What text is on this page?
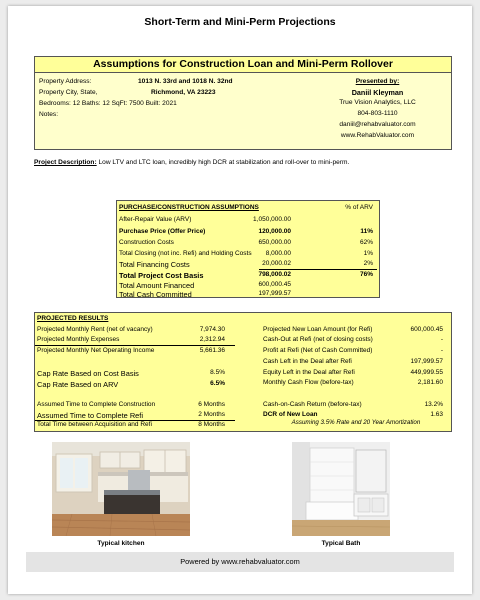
Short-Term and Mini-Perm Projections
Assumptions for Construction Loan and Mini-Perm Rollover
Property Address:	1013 N. 33rd and 1018 N. 32nd
Property City, State,	Richmond, VA 23223
Bedrooms: 12 Baths: 12 SqFt: 7500 Built: 2021
Notes:
Presented by:
Daniil Kleyman
True Vision Analytics, LLC
804-803-1110
daniil@rehabvaluator.com
www.RehabValuator.com
Project Description: Low LTV and LTC loan, incredibly high DCR at stabilization and roll-over to mini-perm.
PURCHASE/CONSTRUCTION ASSUMPTIONS	% of ARV
After-Repair Value (ARV)	1,050,000.00
Purchase Price (Offer Price)	120,000.00	11%
Construction Costs	650,000.00	62%
Total Closing (not inc. Refi) and Holding Costs 8,000.00	1%
Total Financing Costs	20,000.02	2%
Total Project Cost Basis	798,000.02	76%
Total Amount Financed	600,000.45
Total Cash Committed	197,999.57
PROJECTED RESULTS
Projected Monthly Rent (net of vacancy)	7,974.30
Projected Monthly Expenses	2,312.94
Projected Monthly Net Operating Income	5,661.36
Cap Rate Based on Cost Basis	8.5%
Cap Rate Based on ARV	6.5%
Assumed Time to Complete Construction	6 Months
Assumed Time to Complete Refi	2 Months
Total Time between Acquisition and Refi	8 Months
Projected New Loan Amount (for Refi)	600,000.45
Cash-Out at Refi (net of closing costs)	-
Profit at Refi (Net of Cash Committed)	-
Cash Left in the Deal after Refi	197,999.57
Equity Left in the Deal after Refi	449,999.55
Monthly Cash Flow (before-tax)	2,181.60
Cash-on-Cash Return (before-tax)	13.2%
DCR of New Loan	1.63
Assuming 3.5% Rate and 20 Year Amortization
Typical kitchen	Typical Bath
Powered by www.rehabvaluator.com
